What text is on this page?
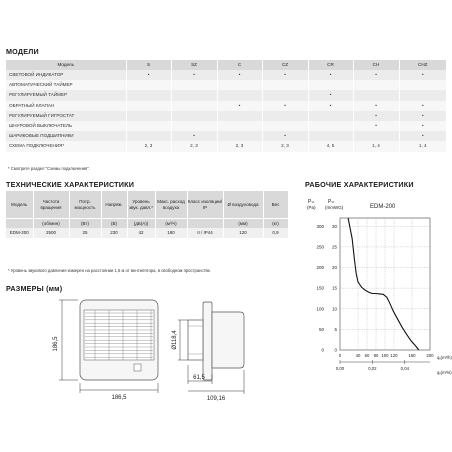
МОДЕЛИ
Модель	S	SZ	C	CZ	CR	CH	CHZ
СВЕТОВОЙ ИНДИКАТОР	•	•	•	•	•	•	•
АВТОМАТИЧЕСКИЙ ТАЙМЕР							
РЕГУЛИРУЕМЫЙ ТАЙМЕР					•		
ОБРАТНЫЙ КЛАПАН			•	•	•	•	•
РЕГУЛИРУЕМЫЙ ГИГРОСТАТ						•	•
ШНУРОВОЙ ВЫКЛЮЧАТЕЛЬ						•	•
ШАРИКОВЫЕ ПОДШИПНИКИ		•		•			•
СХЕМА ПОДКЛЮЧЕНИЯ*	2, 3	2, 3	2, 3	2, 3	4, 5	1, 4	1, 4
* Смотрите раздел "Схемы подключения".
ТЕХНИЧЕСКИЕ ХАРАКТЕРИСТИКИ
Модель	Частота вращения	Потр. мощность	Напряж.	Уровень звук. давл.*	Макс. расход воздуха	Класс изоляции/ IP	Ø воздуховода	Вес
	(об/мин)	(Вт)	(В)	(дБ(А))	(м³/ч)		(мм)	(кг)
EDM-200	2500	25	230	42	180	II / IP44	120	0,9
* Уровень звукового давления измерен на расстоянии 1,5 м от вентилятора, в свободном пространстве.
РАБОЧИЕ ХАРАКТЕРИСТИКИ
РАЗМЕРЫ (мм)
186,5
186,5
Ø118,4
61,5
109,16
Pₛₜ
(Pa)
Pₛₜ
(mmWG)	EDM-200
0 0
50 5
100 10
150 15
200 20
250 25
300 30
0	40 60 80 100 120	160	200
0,00	0,02	0,04
qᵥ(m³/h)
qᵥ(m³/s)
